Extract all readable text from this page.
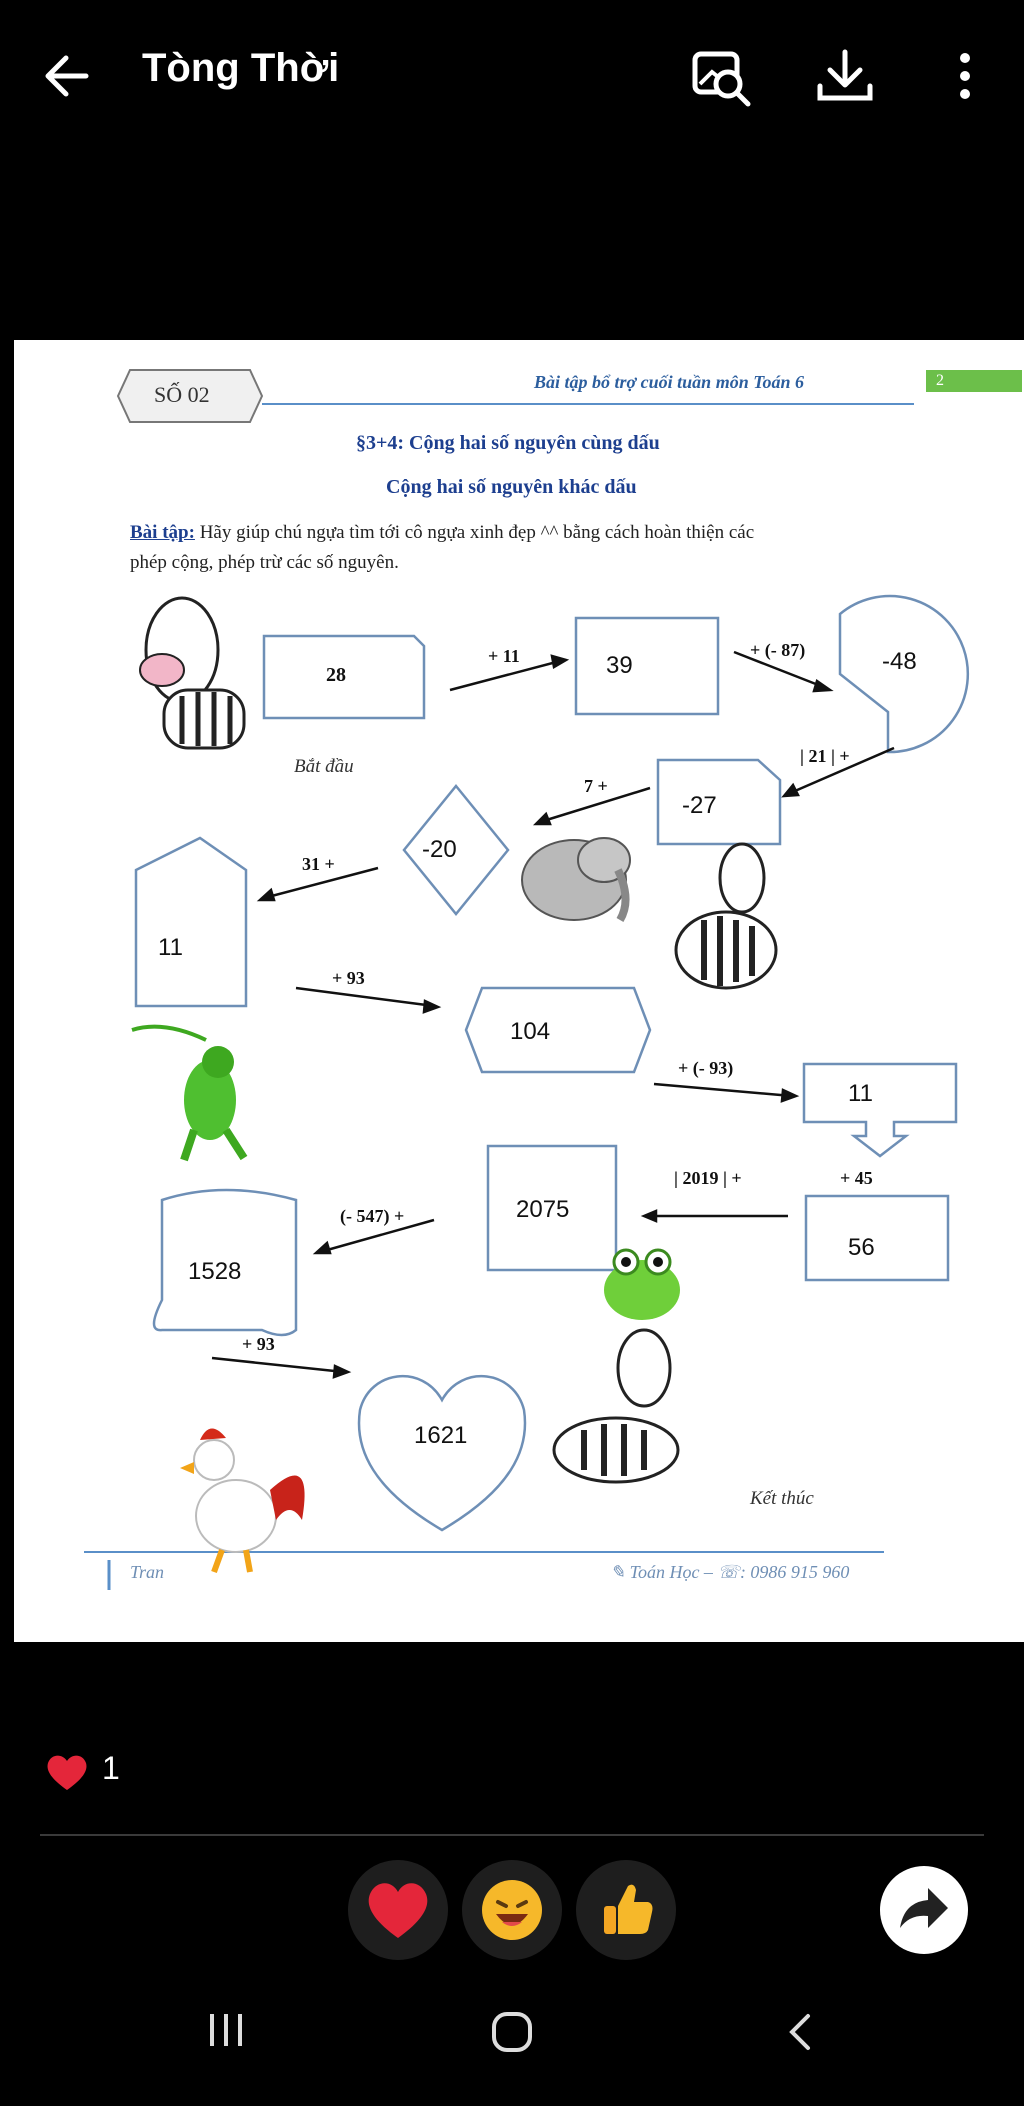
Tòng Thời
SỐ 02	Bài tập bổ trợ cuối tuần môn Toán 6	2
§3+4: Cộng hai số nguyên cùng dấu
Cộng hai số nguyên khác dấu
Bài tập: Hãy giúp chú ngựa tìm tới cô ngựa xinh đẹp ^^ bằng cách hoàn thiện các
phép cộng, phép trừ các số nguyên.
Bắt đầu
Kết thúc
28	39	-48
-27
-20
11
104
11
56
2075
1528
1621
+ 11	+ (- 87)
| 21 | +
7 +
31 +
+ 93
+ (- 93)
+ 45
| 2019 | +
(- 547) +
+ 93
Tran	✎ Toán Học – ☏: 0986 915 960
1
